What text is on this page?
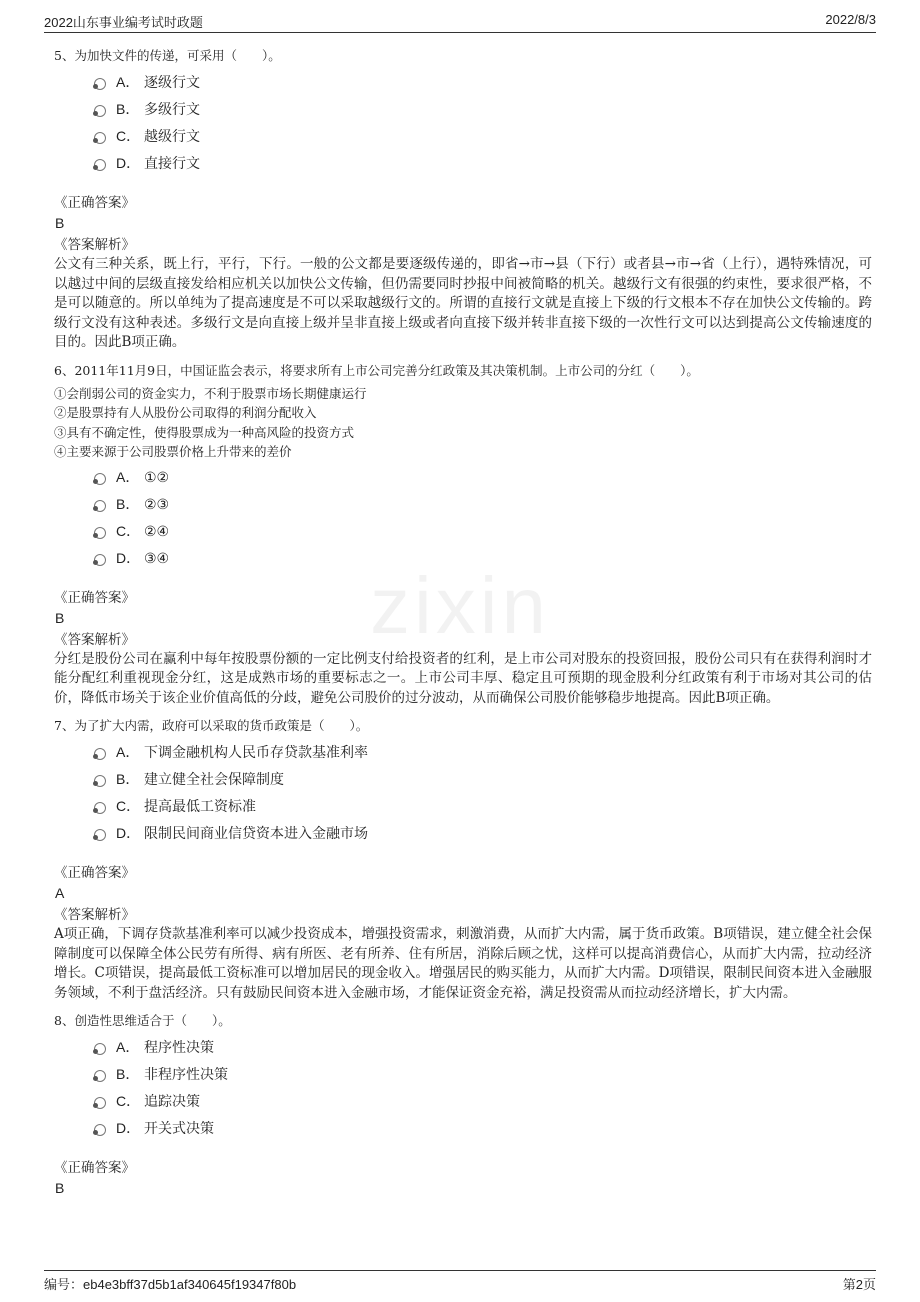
2022山东事业编考试时政题	2022/8/3
zixin
5、为加快文件的传递，可采用（　　）。
A． 逐级行文
B． 多级行文
C． 越级行文
D． 直接行文
《正确答案》
B
《答案解析》
公文有三种关系，既上行，平行，下行。一般的公文都是要逐级传递的，即省→市→县（下行）或者县→市→省（上行），遇特殊情况，可以越过中间的层级直接发给相应机关以加快公文传输，但仍需要同时抄报中间被简略的机关。越级行文有很强的约束性，要求很严格，不是可以随意的。所以单纯为了提高速度是不可以采取越级行文的。所谓的直接行文就是直接上下级的行文根本不存在加快公文传输的。跨级行文没有这种表述。多级行文是向直接上级并呈非直接上级或者向直接下级并转非直接下级的一次性行文可以达到提高公文传输速度的目的。因此B项正确。
6、2011年11月9日，中国证监会表示，将要求所有上市公司完善分红政策及其决策机制。上市公司的分红（　　）。
①会削弱公司的资金实力，不利于股票市场长期健康运行
②是股票持有人从股份公司取得的利润分配收入
③具有不确定性，使得股票成为一种高风险的投资方式
④主要来源于公司股票价格上升带来的差价
A． ①②
B． ②③
C． ②④
D． ③④
《正确答案》
B
《答案解析》
分红是股份公司在赢利中每年按股票份额的一定比例支付给投资者的红利，是上市公司对股东的投资回报，股份公司只有在获得利润时才能分配红利重视现金分红，这是成熟市场的重要标志之一。上市公司丰厚、稳定且可预期的现金股利分红政策有利于市场对其公司的估价，降低市场关于该企业价值高低的分歧，避免公司股价的过分波动，从而确保公司股价能够稳步地提高。因此B项正确。
7、为了扩大内需，政府可以采取的货币政策是（　　）。
A． 下调金融机构人民币存贷款基准利率
B． 建立健全社会保障制度
C． 提高最低工资标准
D． 限制民间商业信贷资本进入金融市场
《正确答案》
A
《答案解析》
A项正确，下调存贷款基准利率可以减少投资成本，增强投资需求，刺激消费，从而扩大内需，属于货币政策。B项错误，建立健全社会保障制度可以保障全体公民劳有所得、病有所医、老有所养、住有所居，消除后顾之忧，这样可以提高消费信心，从而扩大内需，拉动经济增长。C项错误，提高最低工资标准可以增加居民的现金收入。增强居民的购买能力，从而扩大内需。D项错误，限制民间资本进入金融服务领域，不利于盘活经济。只有鼓励民间资本进入金融市场，才能保证资金充裕，满足投资需从而拉动经济增长，扩大内需。
8、创造性思维适合于（　　）。
A． 程序性决策
B． 非程序性决策
C． 追踪决策
D． 开关式决策
《正确答案》
B
编号：eb4e3bff37d5b1af340645f19347f80b	第2页
